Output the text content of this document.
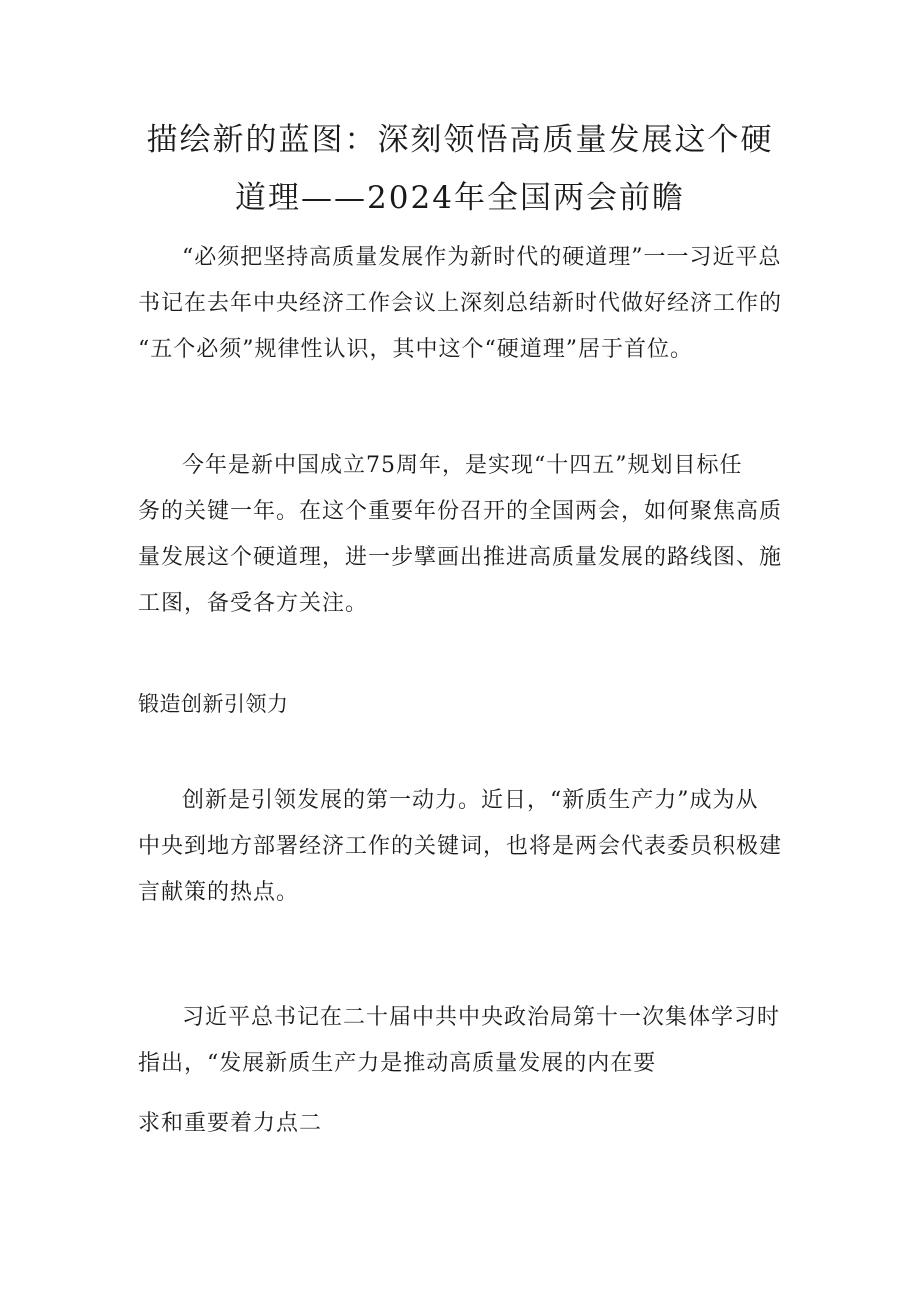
描绘新的蓝图：深刻领悟高质量发展这个硬
道理——2024年全国两会前瞻
“必须把坚持高质量发展作为新时代的硬道理”一一习近平总
书记在去年中央经济工作会议上深刻总结新时代做好经济工作的
“五个必须”规律性认识，其中这个“硬道理”居于首位。
今年是新中国成立75周年，是实现“十四五”规划目标任
务的关键一年。在这个重要年份召开的全国两会，如何聚焦高质
量发展这个硬道理，进一步擘画出推进高质量发展的路线图、施
工图，备受各方关注。
锻造创新引领力
创新是引领发展的第一动力。近日，“新质生产力”成为从
中央到地方部署经济工作的关键词，也将是两会代表委员积极建
言献策的热点。
习近平总书记在二十届中共中央政治局第十一次集体学习时
指出，“发展新质生产力是推动高质量发展的内在要
求和重要着力点二
